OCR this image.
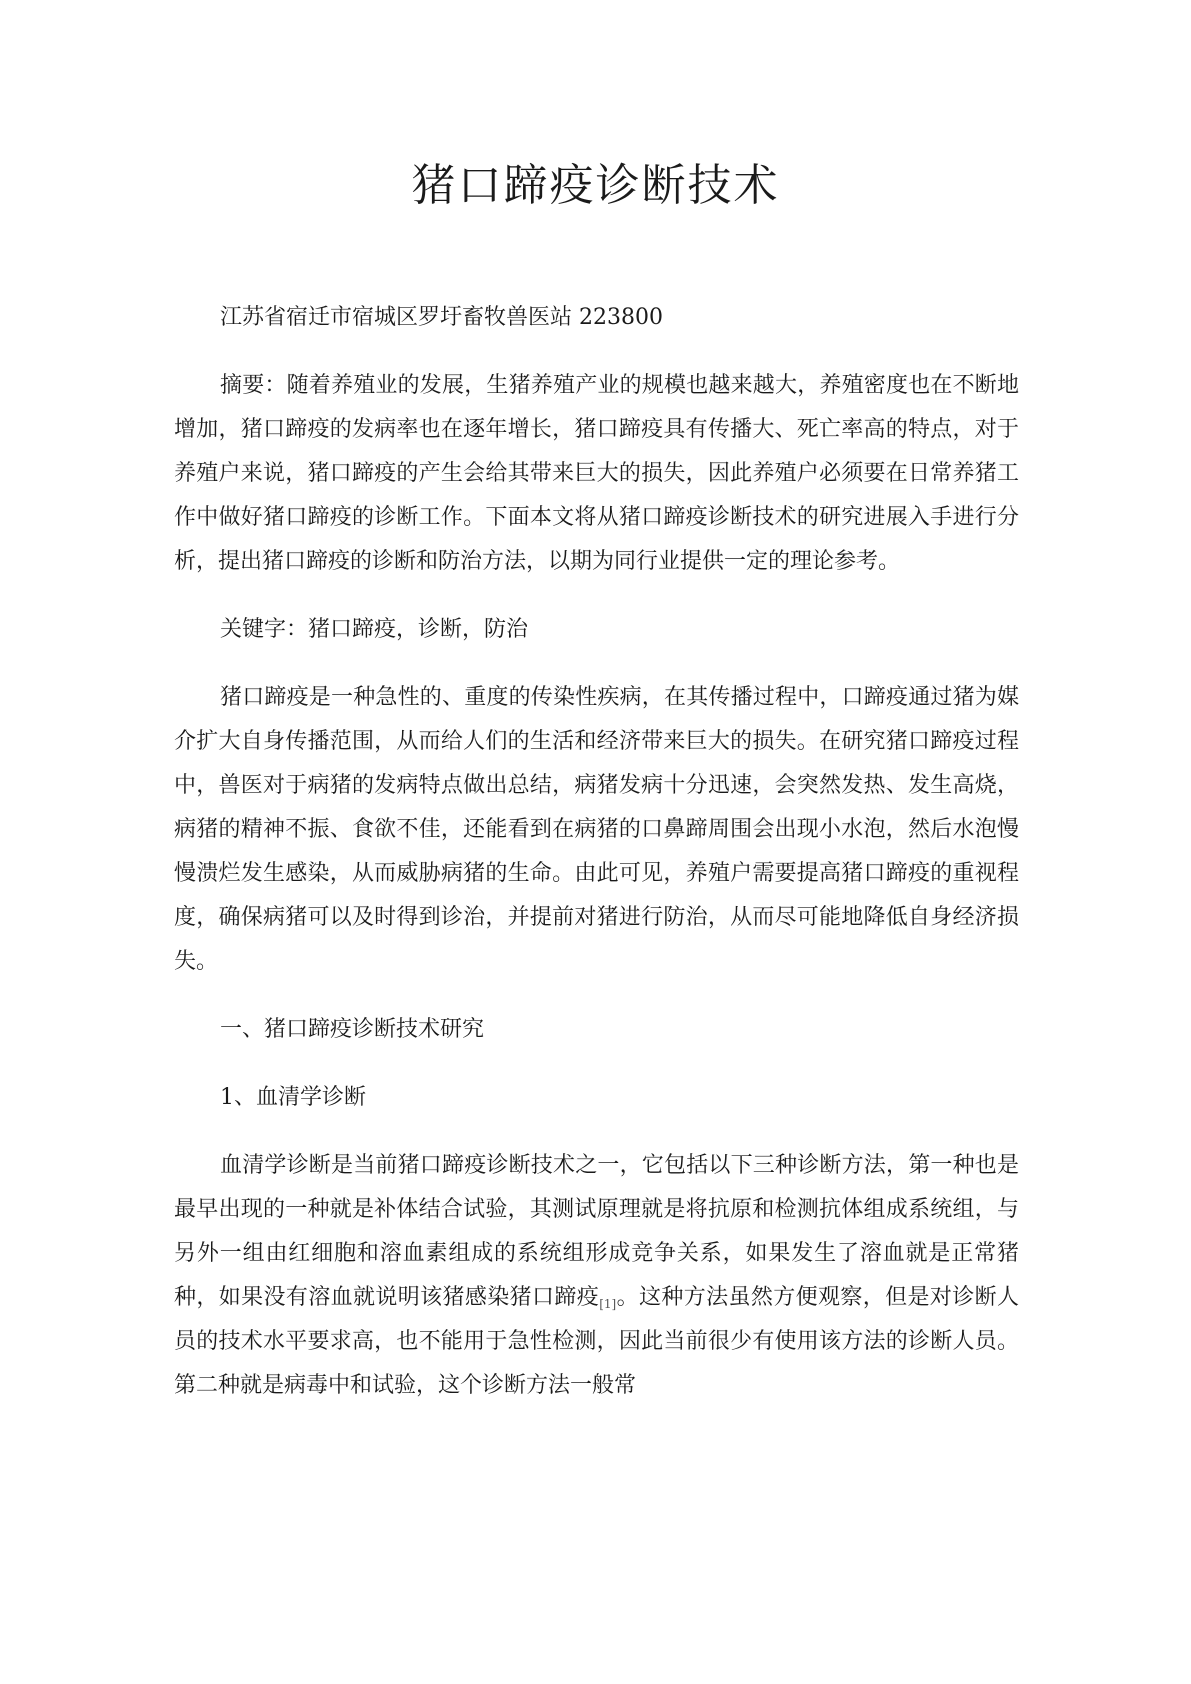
猪口蹄疫诊断技术

江苏省宿迁市宿城区罗圩畜牧兽医站 223800

摘要：随着养殖业的发展，生猪养殖产业的规模也越来越大，养殖密度也在不断地增加，猪口蹄疫的发病率也在逐年增长，猪口蹄疫具有传播大、死亡率高的特点，对于养殖户来说，猪口蹄疫的产生会给其带来巨大的损失，因此养殖户必须要在日常养猪工作中做好猪口蹄疫的诊断工作。下面本文将从猪口蹄疫诊断技术的研究进展入手进行分析，提出猪口蹄疫的诊断和防治方法，以期为同行业提供一定的理论参考。

关键字：猪口蹄疫，诊断，防治

猪口蹄疫是一种急性的、重度的传染性疾病，在其传播过程中，口蹄疫通过猪为媒介扩大自身传播范围，从而给人们的生活和经济带来巨大的损失。在研究猪口蹄疫过程中，兽医对于病猪的发病特点做出总结，病猪发病十分迅速，会突然发热、发生高烧，病猪的精神不振、食欲不佳，还能看到在病猪的口鼻蹄周围会出现小水泡，然后水泡慢慢溃烂发生感染，从而威胁病猪的生命。由此可见，养殖户需要提高猪口蹄疫的重视程度，确保病猪可以及时得到诊治，并提前对猪进行防治，从而尽可能地降低自身经济损失。

一、猪口蹄疫诊断技术研究

1、血清学诊断

血清学诊断是当前猪口蹄疫诊断技术之一，它包括以下三种诊断方法，第一种也是最早出现的一种就是补体结合试验，其测试原理就是将抗原和检测抗体组成系统组，与另外一组由红细胞和溶血素组成的系统组形成竞争关系，如果发生了溶血就是正常猪种，如果没有溶血就说明该猪感染猪口蹄疫[1]。这种方法虽然方便观察，但是对诊断人员的技术水平要求高，也不能用于急性检测，因此当前很少有使用该方法的诊断人员。第二种就是病毒中和试验，这个诊断方法一般常
